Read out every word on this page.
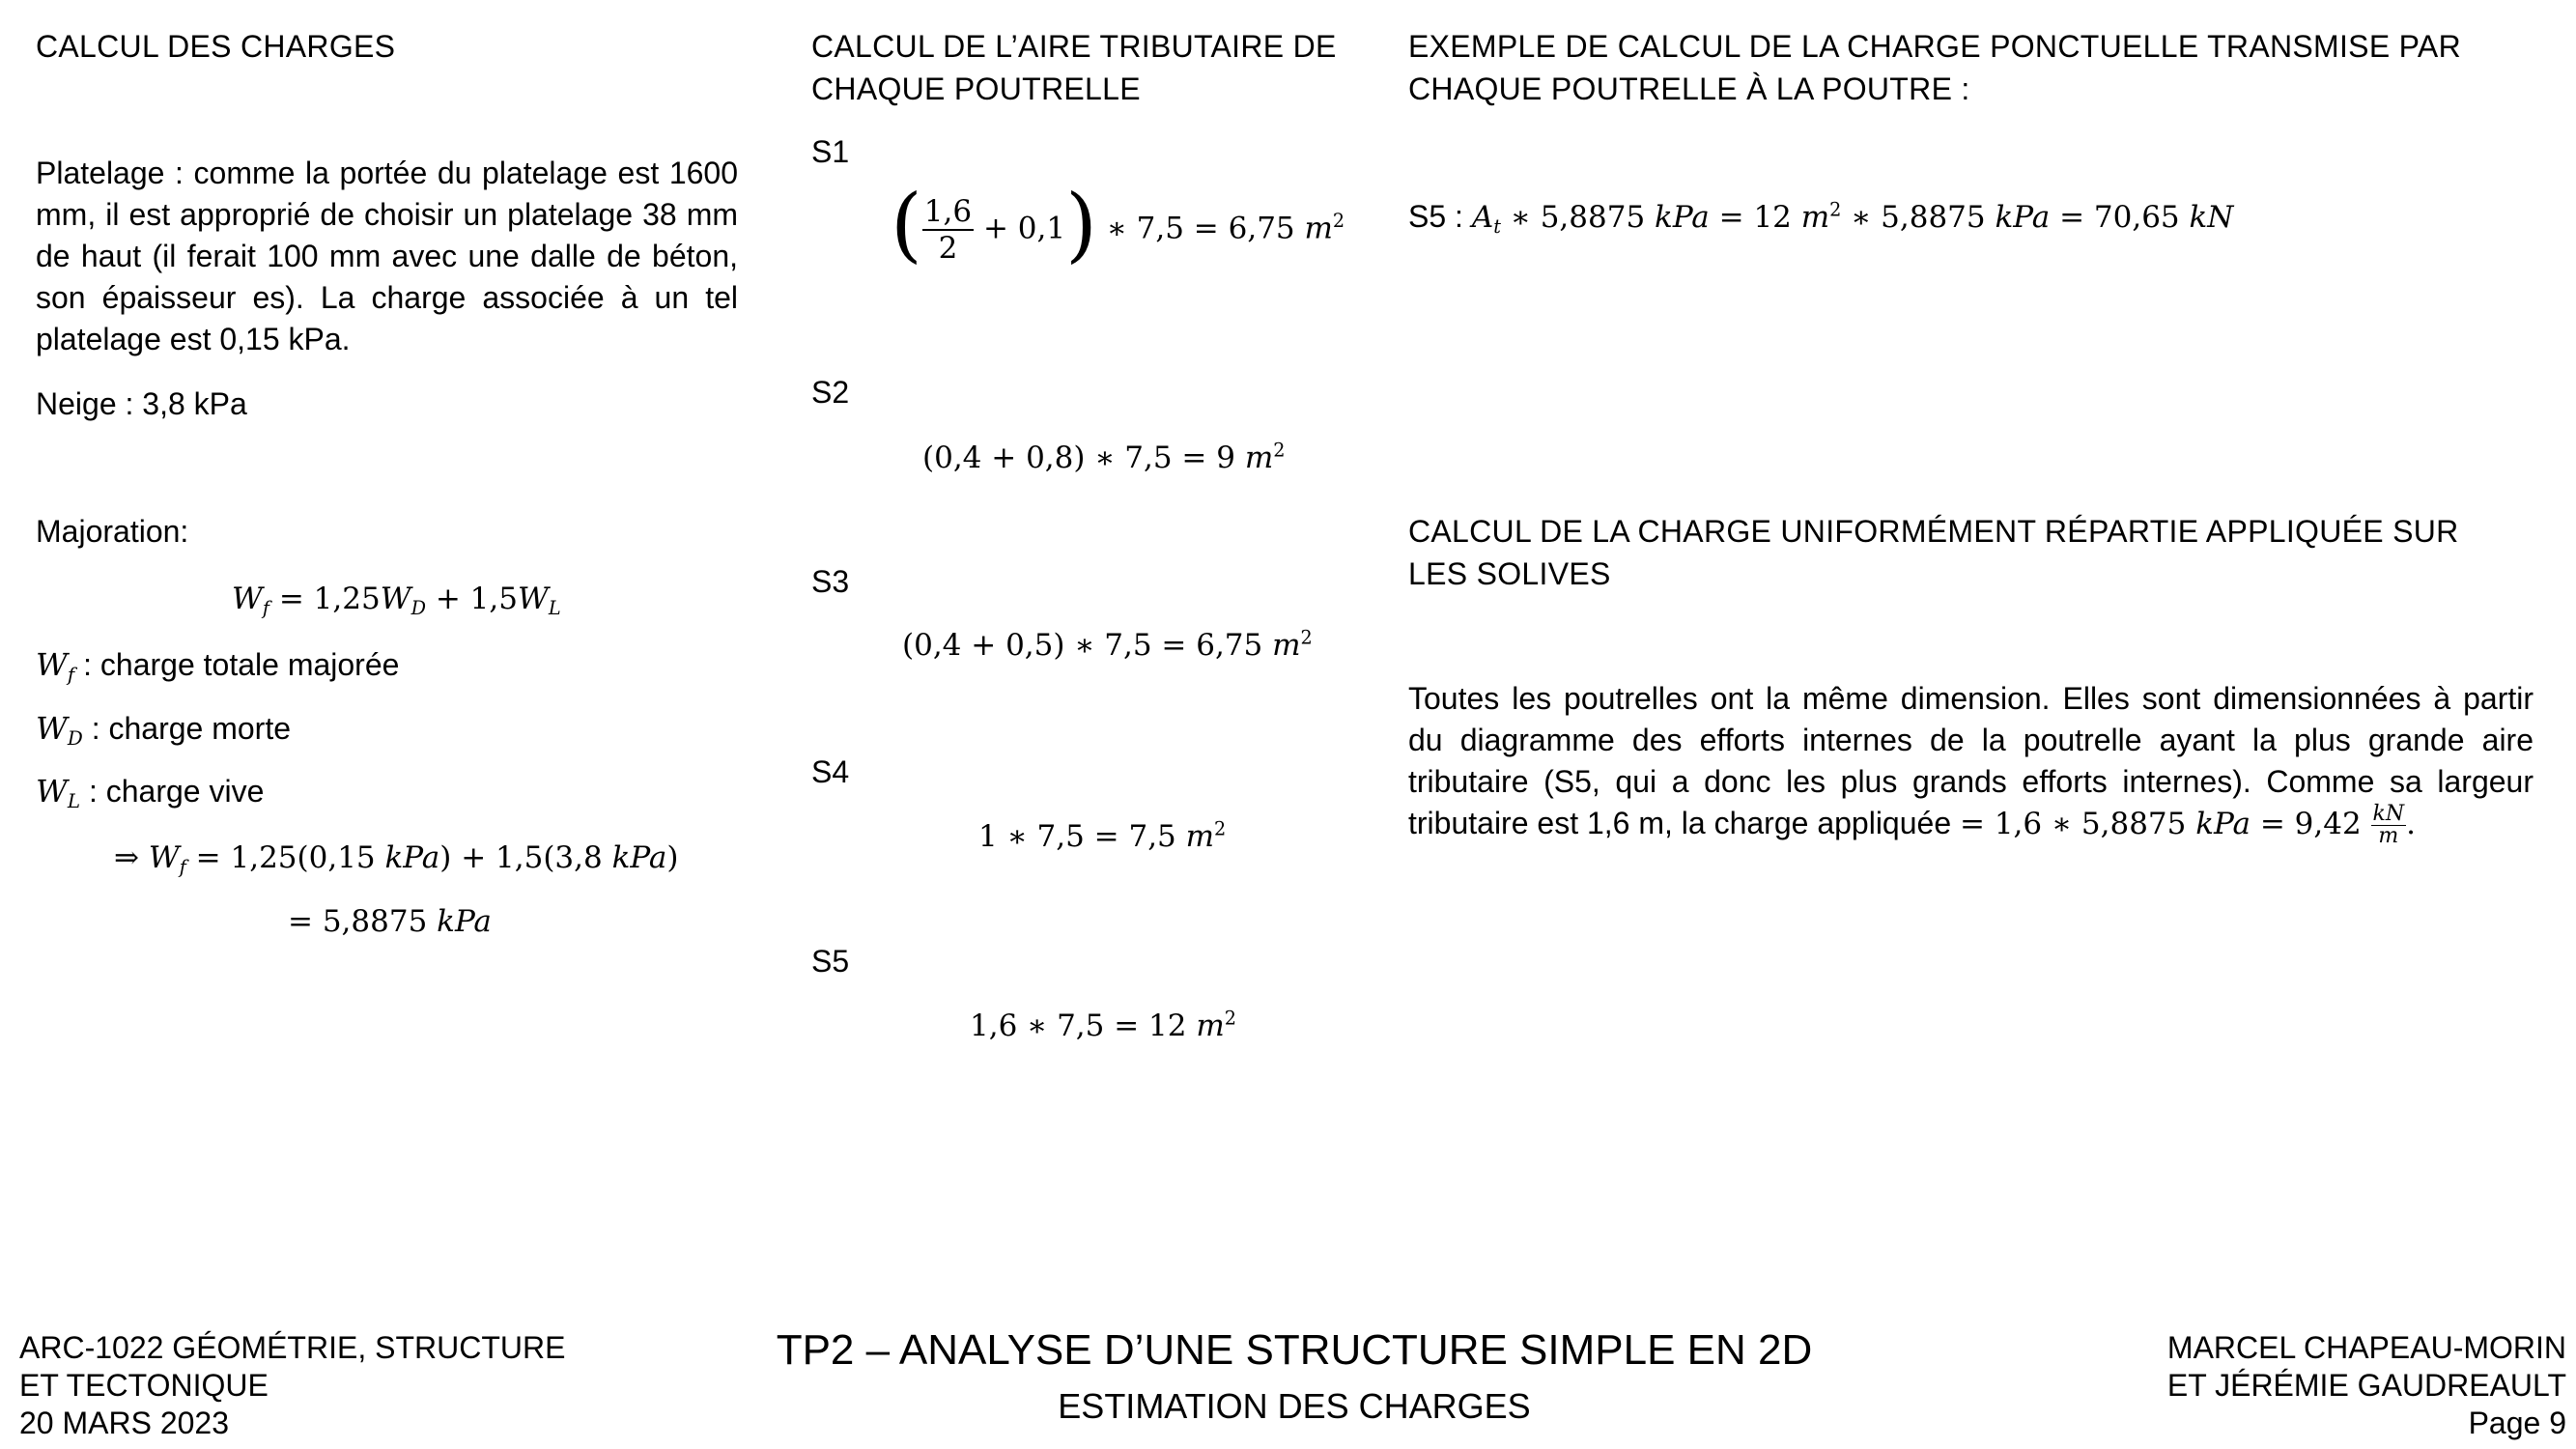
CALCUL DES CHARGES
Platelage : comme la portée du platelage est 1600 mm, il est approprié de choisir un platelage 38 mm de haut (il ferait 100 mm avec une dalle de béton, son épaisseur es). La charge associée à un tel platelage est 0,15 kPa.
Neige : 3,8 kPa
Majoration:
$W_f = 1,25W_D + 1,5W_L$
$W_f$ : charge totale majorée
$W_D$ : charge morte
$W_L$ : charge vive
⇒ $W_f = 1,25(0,15$ kPa) + 1,5(3,8 kPa)
= 5,8875 kPa
CALCUL DE L’AIRE TRIBUTAIRE DE
CHAQUE POUTRELLE
S1
( $\frac{1,6}{2} + 0,1$) ∗ 7,5 = 6,75 $m^2$
S2
(0,4 + 0,8) ∗ 7,5 = 9 $m^2$
S3
(0,4 + 0,5) ∗ 7,5 = 6,75 $m^2$
S4
1 ∗ 7,5 = 7,5 $m^2$
S5
1,6 ∗ 7,5 = 12 $m^2$
EXEMPLE DE CALCUL DE LA CHARGE PONCTUELLE TRANSMISE PAR
CHAQUE POUTRELLE À LA POUTRE :
S5 : $A_t$ ∗ 5,8875 kPa = 12 $m^2$ ∗ 5,8875 kPa = 70,65 kN
CALCUL DE LA CHARGE UNIFORMÉMENT RÉPARTIE APPLIQUÉE SUR
LES SOLIVES
Toutes les poutrelles ont la même dimension. Elles sont dimensionnées à partir du diagramme des efforts internes de la poutrelle ayant la plus grande aire tributaire (S5, qui a donc les plus grands efforts internes). Comme sa largeur tributaire est 1,6 m, la charge appliquée = 1,6 ∗ 5,8875 kPa = $9,42 \frac{kN}{m}$ .
ARC-1022 GÉOMÉTRIE, STRUCTURE
ET TECTONIQUE
20 MARS 2023
TP2 – ANALYSE D’UNE STRUCTURE SIMPLE EN 2D
ESTIMATION DES CHARGES
MARCEL CHAPEAU-MORIN
ET JÉRÉMIE GAUDREAULT
Page 9
